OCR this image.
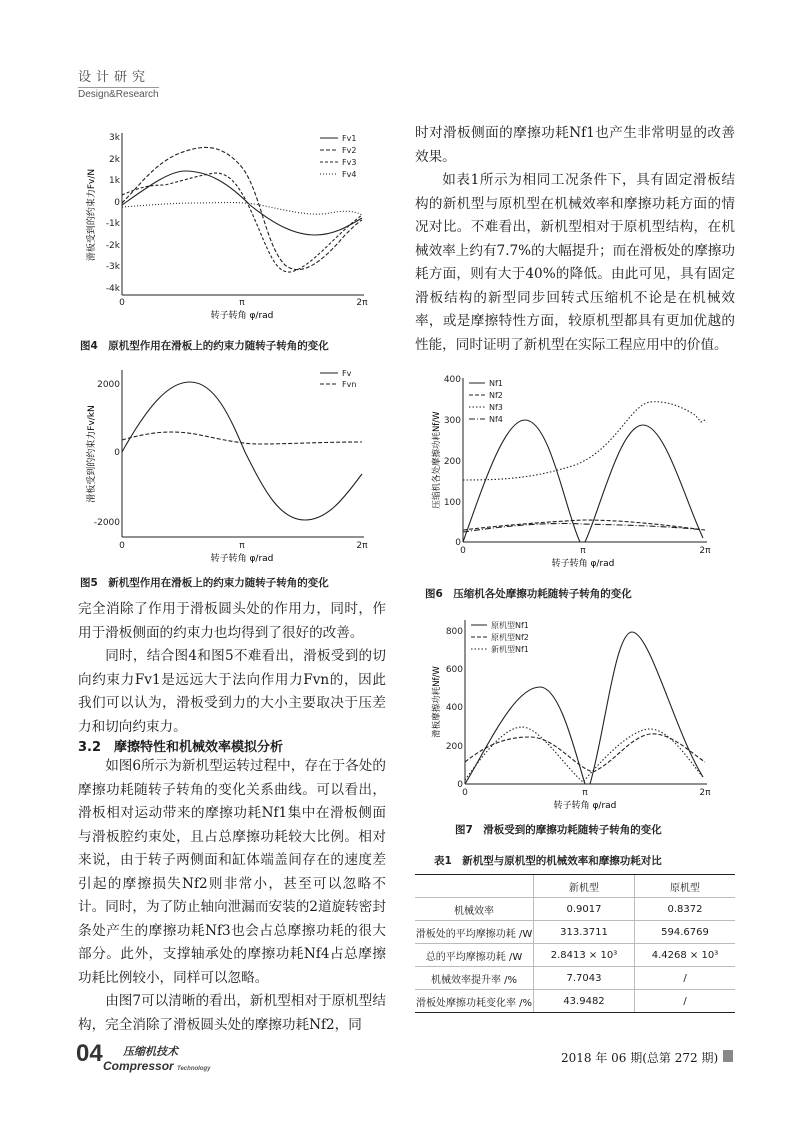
设计研究
Design&Research
3k
2k
1k
0
-1k
-2k
-3k
-4k
0	π	2π
转子转角 φ/rad
滑板受到的约束力Fv/N
Fv1
Fv2
Fv3
Fv4
图4　原机型作用在滑板上的约束力随转子转角的变化
2000
0
-2000
0	π	2π
转子转角 φ/rad
滑板受到的约束力Fv/kN
Fv
Fvn
图5　新机型作用在滑板上的约束力随转子转角的变化

完全消除了作用于滑板圆头处的作用力，同时，作用于滑板侧面的约束力也均得到了很好的改善。

同时，结合图4和图5不难看出，滑板受到的切向约束力Fv1是远远大于法向作用力Fvn的，因此我们可以认为，滑板受到力的大小主要取决于压差力和切向约束力。

3.2　摩擦特性和机械效率模拟分析

如图6所示为新机型运转过程中，存在于各处的摩擦功耗随转子转角的变化关系曲线。可以看出，滑板相对运动带来的摩擦功耗Nf1集中在滑板侧面与滑板腔约束处，且占总摩擦功耗较大比例。相对来说，由于转子两侧面和缸体端盖间存在的速度差引起的摩擦损失Nf2则非常小，甚至可以忽略不计。同时，为了防止轴向泄漏而安装的2道旋转密封条处产生的摩擦功耗Nf3也会占总摩擦功耗的很大部分。此外，支撑轴承处的摩擦功耗Nf4占总摩擦功耗比例较小，同样可以忽略。

由图7可以清晰的看出，新机型相对于原机型结构，完全消除了滑板圆头处的摩擦功耗Nf2，同

时对滑板侧面的摩擦功耗Nf1也产生非常明显的改善效果。

如表1所示为相同工况条件下，具有固定滑板结构的新机型与原机型在机械效率和摩擦功耗方面的情况对比。不难看出，新机型相对于原机型结构，在机械效率上约有7.7%的大幅提升；而在滑板处的摩擦功耗方面，则有大于40%的降低。由此可见，具有固定滑板结构的新型同步回转式压缩机不论是在机械效率，或是摩擦特性方面，较原机型都具有更加优越的性能，同时证明了新机型在实际工程应用中的价值。

400
300
200
100
0
0	π	2π
转子转角 φ/rad
压缩机各处摩擦功耗Nf/W
Nf1
Nf2
Nf3
Nf4
图6　压缩机各处摩擦功耗随转子转角的变化
800
600
400
200
0
0	π	2π
转子转角 φ/rad
滑板摩擦功耗Nf/W
原机型Nf1
原机型Nf2
新机型Nf1
图7　滑板受到的摩擦功耗随转子转角的变化
表1　新机型与原机型的机械效率和摩擦功耗对比
	新机型	原机型
机械效率	0.9017	0.8372
滑板处的平均摩擦功耗 /W	313.3711	594.6769
总的平均摩擦功耗 /W	2.8413 × 10³	4.4268 × 10³
机械效率提升率 /%	7.7043	/
滑板处摩擦功耗变化率 /%	43.9482	/
04 压缩机技术
Compressor Technology
2018 年 06 期(总第 272 期)
